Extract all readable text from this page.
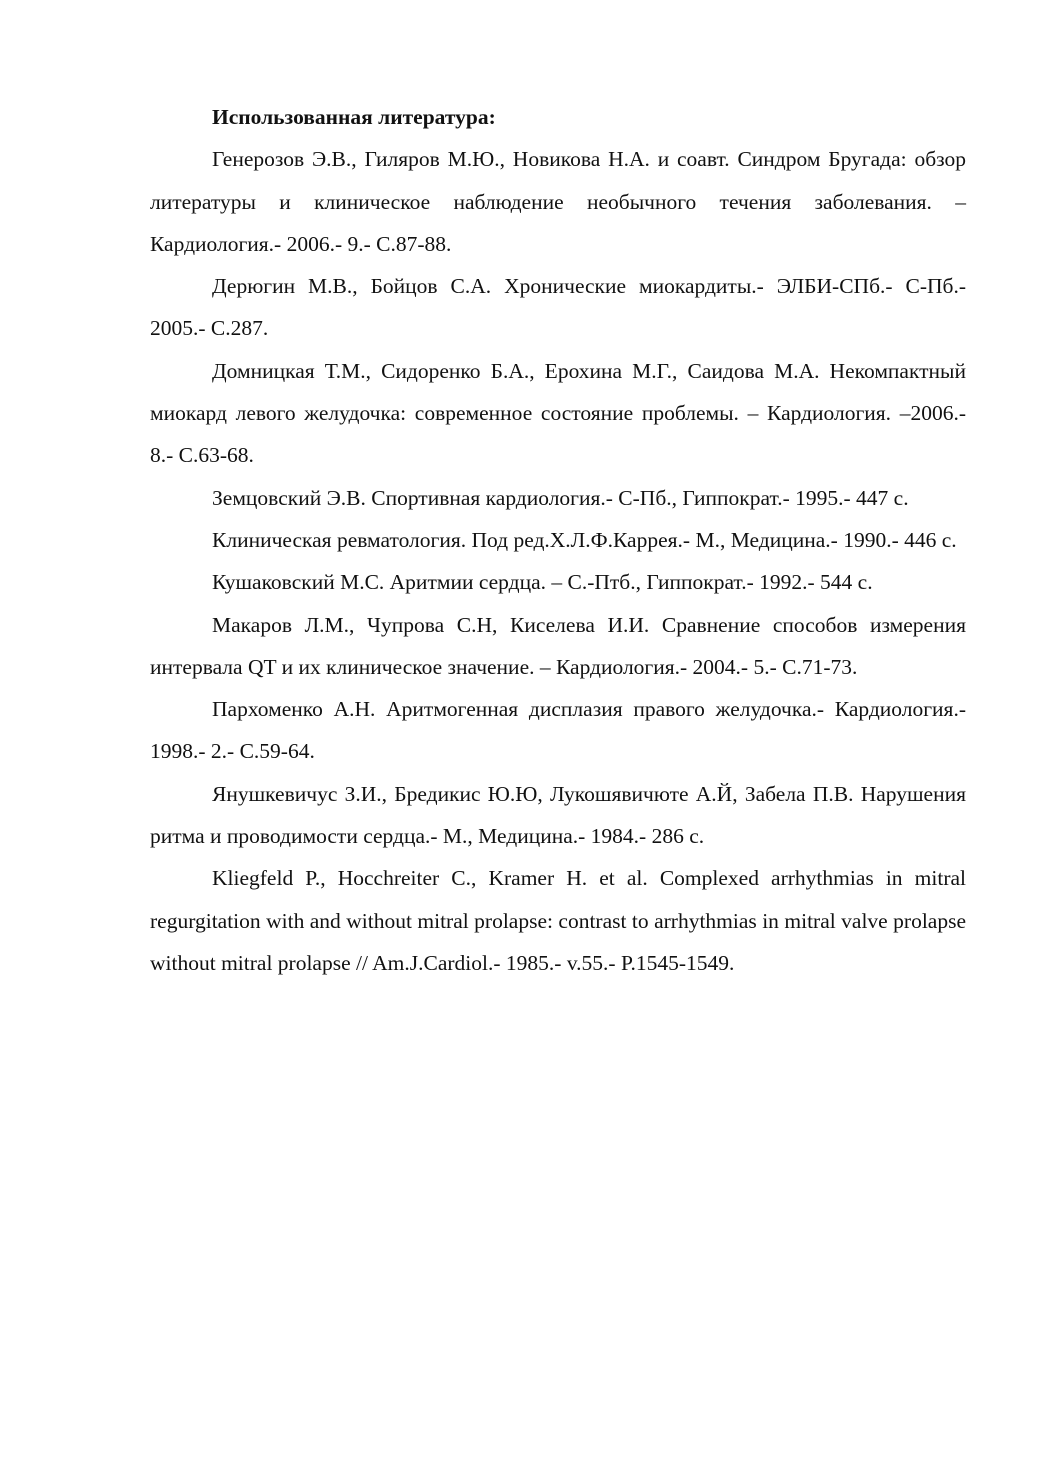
Использованная литература:

Генерозов Э.В., Гиляров М.Ю., Новикова Н.А. и соавт. Синдром Бругада: обзор литературы и клиническое наблюдение необычного течения заболевания. – Кардиология.- 2006.- 9.- С.87-88.

Дерюгин М.В., Бойцов С.А. Хронические миокардиты.- ЭЛБИ-СПб.- С-Пб.- 2005.- С.287.

Домницкая Т.М., Сидоренко Б.А., Ерохина М.Г., Саидова М.А. Некомпактный миокард левого желудочка: современное состояние проблемы. – Кардиология. –2006.- 8.- С.63-68.

Земцовский Э.В. Спортивная кардиология.- С-Пб., Гиппократ.- 1995.- 447 с.

Клиническая ревматология. Под ред.Х.Л.Ф.Каррея.- М., Медицина.- 1990.- 446 с.

Кушаковский М.С. Аритмии сердца. – С.-Птб., Гиппократ.- 1992.- 544 с.

Макаров Л.М., Чупрова С.Н, Киселева И.И. Сравнение способов измерения интервала QT и их клиническое значение. – Кардиология.- 2004.- 5.- С.71-73.

Пархоменко А.Н. Аритмогенная дисплазия правого желудочка.- Кардиология.- 1998.- 2.- С.59-64.

Янушкевичус З.И., Бредикис Ю.Ю, Лукошявичюте А.Й, Забела П.В. Нарушения ритма и проводимости сердца.- М., Медицина.- 1984.- 286 с.

Kliegfeld P., Hocchreiter C., Kramer H. et al. Complexed arrhythmias in mitral regurgitation with and without mitral prolapse: contrast to arrhythmias in mitral valve prolapse without mitral prolapse // Am.J.Cardiol.- 1985.- v.55.- P.1545-1549.
